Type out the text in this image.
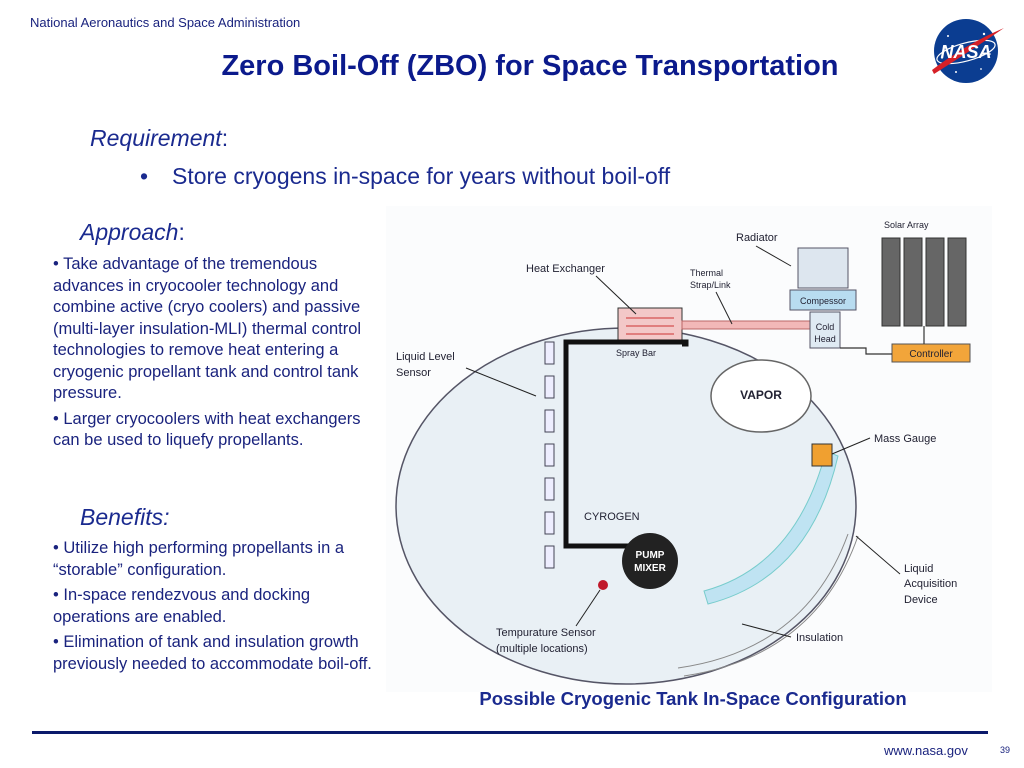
National Aeronautics and Space Administration
NASA
Zero Boil-Off (ZBO) for Space Transportation
Requirement:
• Store cryogens in-space for years without boil-off
Approach:

• Take advantage of the tremendous advances in cryocooler technology and combine active (cryo coolers) and passive (multi-layer insulation-MLI) thermal control technologies to remove heat entering a cryogenic propellant tank and control tank pressure.

• Larger cryocoolers with heat exchangers can be used to liquefy propellants.

Benefits:

• Utilize high performing propellants in a “storable” configuration.

• In-space rendezvous and docking operations are enabled.

• Elimination of tank and insulation growth previously needed to accommodate boil-off.

VAPOR
Spray Bar
PUMP
MIXER
Compessor
Cold
Head
Controller
Solar Array
Radiator
Heat Exchanger	Thermal
Strap/Link
Liquid Level
Sensor
Mass Gauge
CYROGEN
Liquid
Acquisition
Device
Tempurature Sensor
(multiple locations)
Insulation
Possible Cryogenic Tank In-Space Configuration
www.nasa.gov	39
